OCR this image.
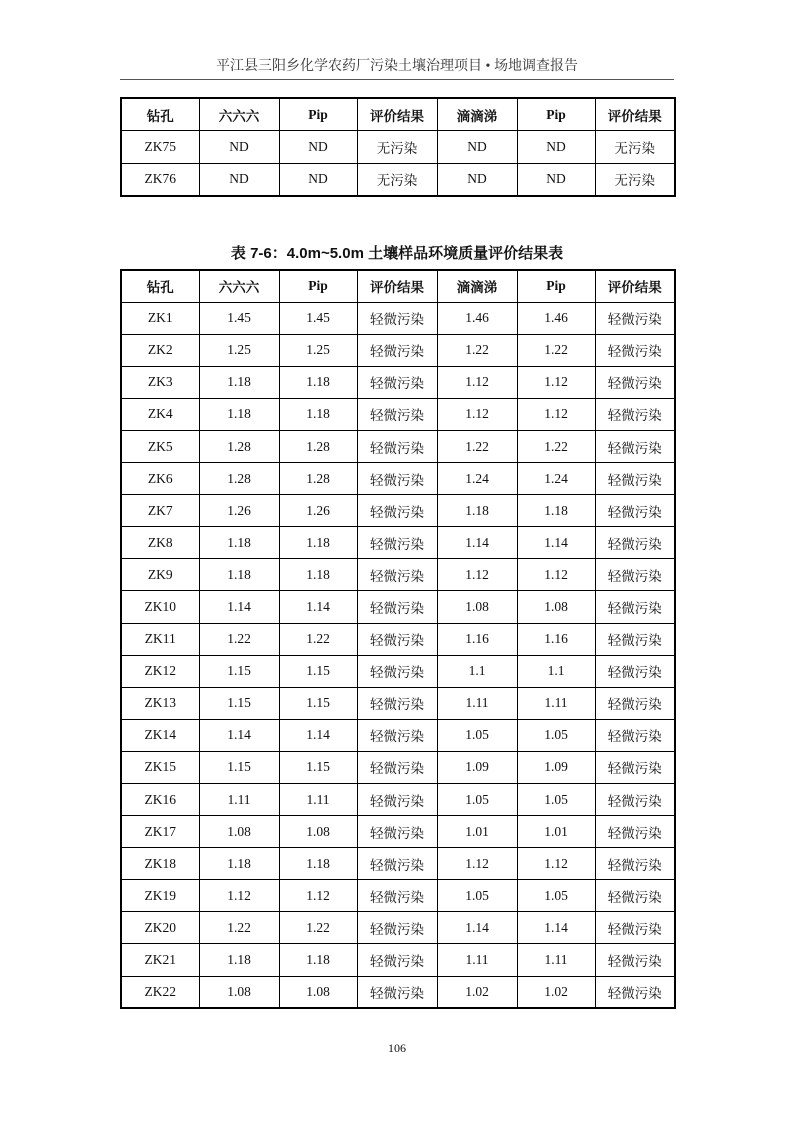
平江县三阳乡化学农药厂污染土壤治理项目 • 场地调查报告
钻孔	六六六	Pip	评价结果	滴滴涕	Pip	评价结果
ZK75	ND	ND	无污染	ND	ND	无污染
ZK76	ND	ND	无污染	ND	ND	无污染
表 7-6：4.0m~5.0m 土壤样品环境质量评价结果表
钻孔	六六六	Pip	评价结果	滴滴涕	Pip	评价结果
ZK1	1.45	1.45	轻微污染	1.46	1.46	轻微污染
ZK2	1.25	1.25	轻微污染	1.22	1.22	轻微污染
ZK3	1.18	1.18	轻微污染	1.12	1.12	轻微污染
ZK4	1.18	1.18	轻微污染	1.12	1.12	轻微污染
ZK5	1.28	1.28	轻微污染	1.22	1.22	轻微污染
ZK6	1.28	1.28	轻微污染	1.24	1.24	轻微污染
ZK7	1.26	1.26	轻微污染	1.18	1.18	轻微污染
ZK8	1.18	1.18	轻微污染	1.14	1.14	轻微污染
ZK9	1.18	1.18	轻微污染	1.12	1.12	轻微污染
ZK10	1.14	1.14	轻微污染	1.08	1.08	轻微污染
ZK11	1.22	1.22	轻微污染	1.16	1.16	轻微污染
ZK12	1.15	1.15	轻微污染	1.1	1.1	轻微污染
ZK13	1.15	1.15	轻微污染	1.11	1.11	轻微污染
ZK14	1.14	1.14	轻微污染	1.05	1.05	轻微污染
ZK15	1.15	1.15	轻微污染	1.09	1.09	轻微污染
ZK16	1.11	1.11	轻微污染	1.05	1.05	轻微污染
ZK17	1.08	1.08	轻微污染	1.01	1.01	轻微污染
ZK18	1.18	1.18	轻微污染	1.12	1.12	轻微污染
ZK19	1.12	1.12	轻微污染	1.05	1.05	轻微污染
ZK20	1.22	1.22	轻微污染	1.14	1.14	轻微污染
ZK21	1.18	1.18	轻微污染	1.11	1.11	轻微污染
ZK22	1.08	1.08	轻微污染	1.02	1.02	轻微污染
106
